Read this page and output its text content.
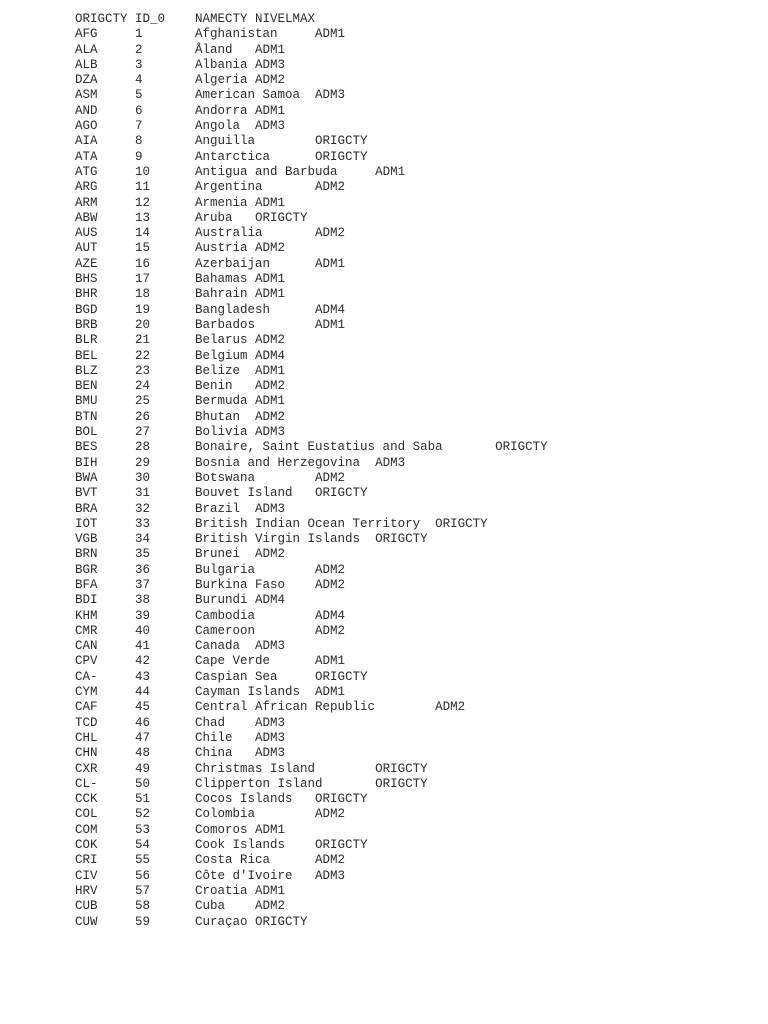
ORIGCTY	ID_0	NAMECTY	NIVELMAX
AFG	1	Afghanistan	ADM1
ALA	2	Åland	ADM1
ALB	3	Albania	ADM3
DZA	4	Algeria	ADM2
ASM	5	American Samoa	ADM3
AND	6	Andorra	ADM1
AGO	7	Angola	ADM3
AIA	8	Anguilla	ORIGCTY
ATA	9	Antarctica	ORIGCTY
ATG	10	Antigua and Barbuda	ADM1
ARG	11	Argentina	ADM2
ARM	12	Armenia	ADM1
ABW	13	Aruba	ORIGCTY
AUS	14	Australia	ADM2
AUT	15	Austria	ADM2
AZE	16	Azerbaijan	ADM1
BHS	17	Bahamas	ADM1
BHR	18	Bahrain	ADM1
BGD	19	Bangladesh	ADM4
BRB	20	Barbados	ADM1
BLR	21	Belarus	ADM2
BEL	22	Belgium	ADM4
BLZ	23	Belize	ADM1
BEN	24	Benin	ADM2
BMU	25	Bermuda	ADM1
BTN	26	Bhutan	ADM2
BOL	27	Bolivia	ADM3
BES	28	Bonaire, Saint Eustatius and Saba	ORIGCTY
BIH	29	Bosnia and Herzegovina	ADM3
BWA	30	Botswana	ADM2
BVT	31	Bouvet Island	ORIGCTY
BRA	32	Brazil	ADM3
IOT	33	British Indian Ocean Territory	ORIGCTY
VGB	34	British Virgin Islands	ORIGCTY
BRN	35	Brunei	ADM2
BGR	36	Bulgaria	ADM2
BFA	37	Burkina Faso	ADM2
BDI	38	Burundi	ADM4
KHM	39	Cambodia	ADM4
CMR	40	Cameroon	ADM2
CAN	41	Canada	ADM3
CPV	42	Cape Verde	ADM1
CA-	43	Caspian Sea	ORIGCTY
CYM	44	Cayman Islands	ADM1
CAF	45	Central African Republic	ADM2
TCD	46	Chad	ADM3
CHL	47	Chile	ADM3
CHN	48	China	ADM3
CXR	49	Christmas Island	ORIGCTY
CL-	50	Clipperton Island	ORIGCTY
CCK	51	Cocos Islands	ORIGCTY
COL	52	Colombia	ADM2
COM	53	Comoros	ADM1
COK	54	Cook Islands	ORIGCTY
CRI	55	Costa Rica	ADM2
CIV	56	Côte d'Ivoire	ADM3
HRV	57	Croatia	ADM1
CUB	58	Cuba	ADM2
CUW	59	Curaçao	ORIGCTY
